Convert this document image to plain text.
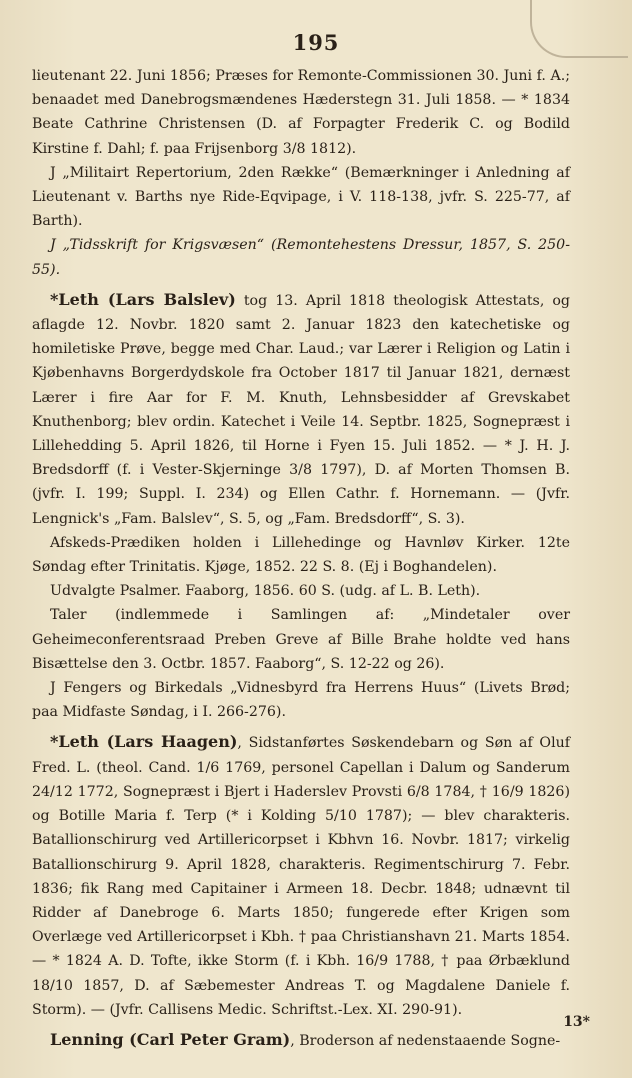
195

lieutenant 22. Juni 1856; Præses for Remonte-Commissionen 30. Juni f. A.; benaadet med Danebrogsmændenes Hæderstegn 31. Juli 1858. — * 1834 Beate Cathrine Christensen (D. af Forpagter Frederik C. og Bodild Kirstine f. Dahl; f. paa Frijsenborg 3/8 1812).

J „Militairt Repertorium, 2den Række“ (Bemærkninger i Anledning af Lieutenant v. Barths nye Ride-Eqvipage, i V. 118-138, jvfr. S. 225-77, af Barth).

J „Tidsskrift for Krigsvæsen“ (Remontehestens Dressur, 1857, S. 250-55).

*Leth (Lars Balslev) tog 13. April 1818 theologisk Attestats, og aflagde 12. Novbr. 1820 samt 2. Januar 1823 den katechetiske og homiletiske Prøve, begge med Char. Laud.; var Lærer i Religion og Latin i Kjøbenhavns Borgerdydskole fra October 1817 til Januar 1821, dernæst Lærer i fire Aar for F. M. Knuth, Lehnsbesidder af Grevskabet Knuthenborg; blev ordin. Katechet i Veile 14. Septbr. 1825, Sognepræst i Lillehedding 5. April 1826, til Horne i Fyen 15. Juli 1852. — * J. H. J. Bredsdorff (f. i Vester-Skjerninge 3/8 1797), D. af Morten Thomsen B. (jvfr. I. 199; Suppl. I. 234) og Ellen Cathr. f. Hornemann. — (Jvfr. Lengnick's „Fam. Balslev“, S. 5, og „Fam. Bredsdorff“, S. 3).

Afskeds-Prædiken holden i Lillehedinge og Havnløv Kirker. 12te Søndag efter Trinitatis. Kjøge, 1852. 22 S. 8. (Ej i Boghandelen).

Udvalgte Psalmer. Faaborg, 1856. 60 S. (udg. af L. B. Leth).

Taler (indlemmede i Samlingen af: „Mindetaler over Geheimeconferentsraad Preben Greve af Bille Brahe holdte ved hans Bisættelse den 3. Octbr. 1857. Faaborg“, S. 12-22 og 26).

J Fengers og Birkedals „Vidnesbyrd fra Herrens Huus“ (Livets Brød; paa Midfaste Søndag, i I. 266-276).

*Leth (Lars Haagen), Sidstanførtes Søskendebarn og Søn af Oluf Fred. L. (theol. Cand. 1/6 1769, personel Capellan i Dalum og Sanderum 24/12 1772, Sognepræst i Bjert i Haderslev Provsti 6/8 1784, † 16/9 1826) og Botille Maria f. Terp (* i Kolding 5/10 1787); — blev charakteris. Batallionschirurg ved Artillericorpset i Kbhvn 16. Novbr. 1817; virkelig Batallionschirurg 9. April 1828, charakteris. Regimentschirurg 7. Febr. 1836; fik Rang med Capitainer i Armeen 18. Decbr. 1848; udnævnt til Ridder af Danebroge 6. Marts 1850; fungerede efter Krigen som Overlæge ved Artillericorpset i Kbh. † paa Christianshavn 21. Marts 1854. — * 1824 A. D. Tofte, ikke Storm (f. i Kbh. 16/9 1788, † paa Ørbæklund 18/10 1857, D. af Sæbemester Andreas T. og Magdalene Daniele f. Storm). — (Jvfr. Callisens Medic. Schriftst.-Lex. XI. 290-91).

Lenning (Carl Peter Gram), Broderson af nedenstaaende Sogne-

13*
